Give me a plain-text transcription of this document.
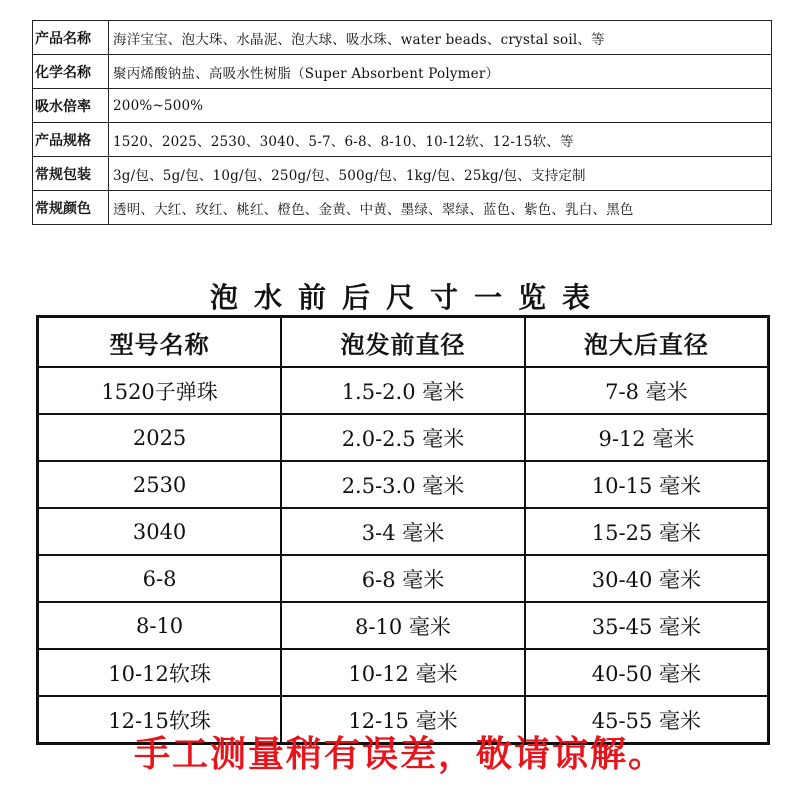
产品名称	海洋宝宝、泡大珠、水晶泥、泡大球、吸水珠、water beads、crystal soil、等
化学名称	聚丙烯酸钠盐、高吸水性树脂（Super Absorbent Polymer）
吸水倍率	200%~500%
产品规格	1520、2025、2530、3040、5-7、6-8、8-10、10-12软、12-15软、等
常规包装	3g/包、5g/包、10g/包、250g/包、500g/包、1kg/包、25kg/包、支持定制
常规颜色	透明、大红、玫红、桃红、橙色、金黄、中黄、墨绿、翠绿、蓝色、紫色、乳白、黑色
泡水前后尺寸一览表
型号名称	泡发前直径	泡大后直径
1520子弹珠	1.5-2.0 毫米	7-8 毫米
2025	2.0-2.5 毫米	9-12 毫米
2530	2.5-3.0 毫米	10-15 毫米
3040	3-4 毫米	15-25 毫米
6-8	6-8 毫米	30-40 毫米
8-10	8-10 毫米	35-45 毫米
10-12软珠	10-12 毫米	40-50 毫米
12-15软珠	12-15 毫米	45-55 毫米
手工测量稍有误差，敬请谅解。
